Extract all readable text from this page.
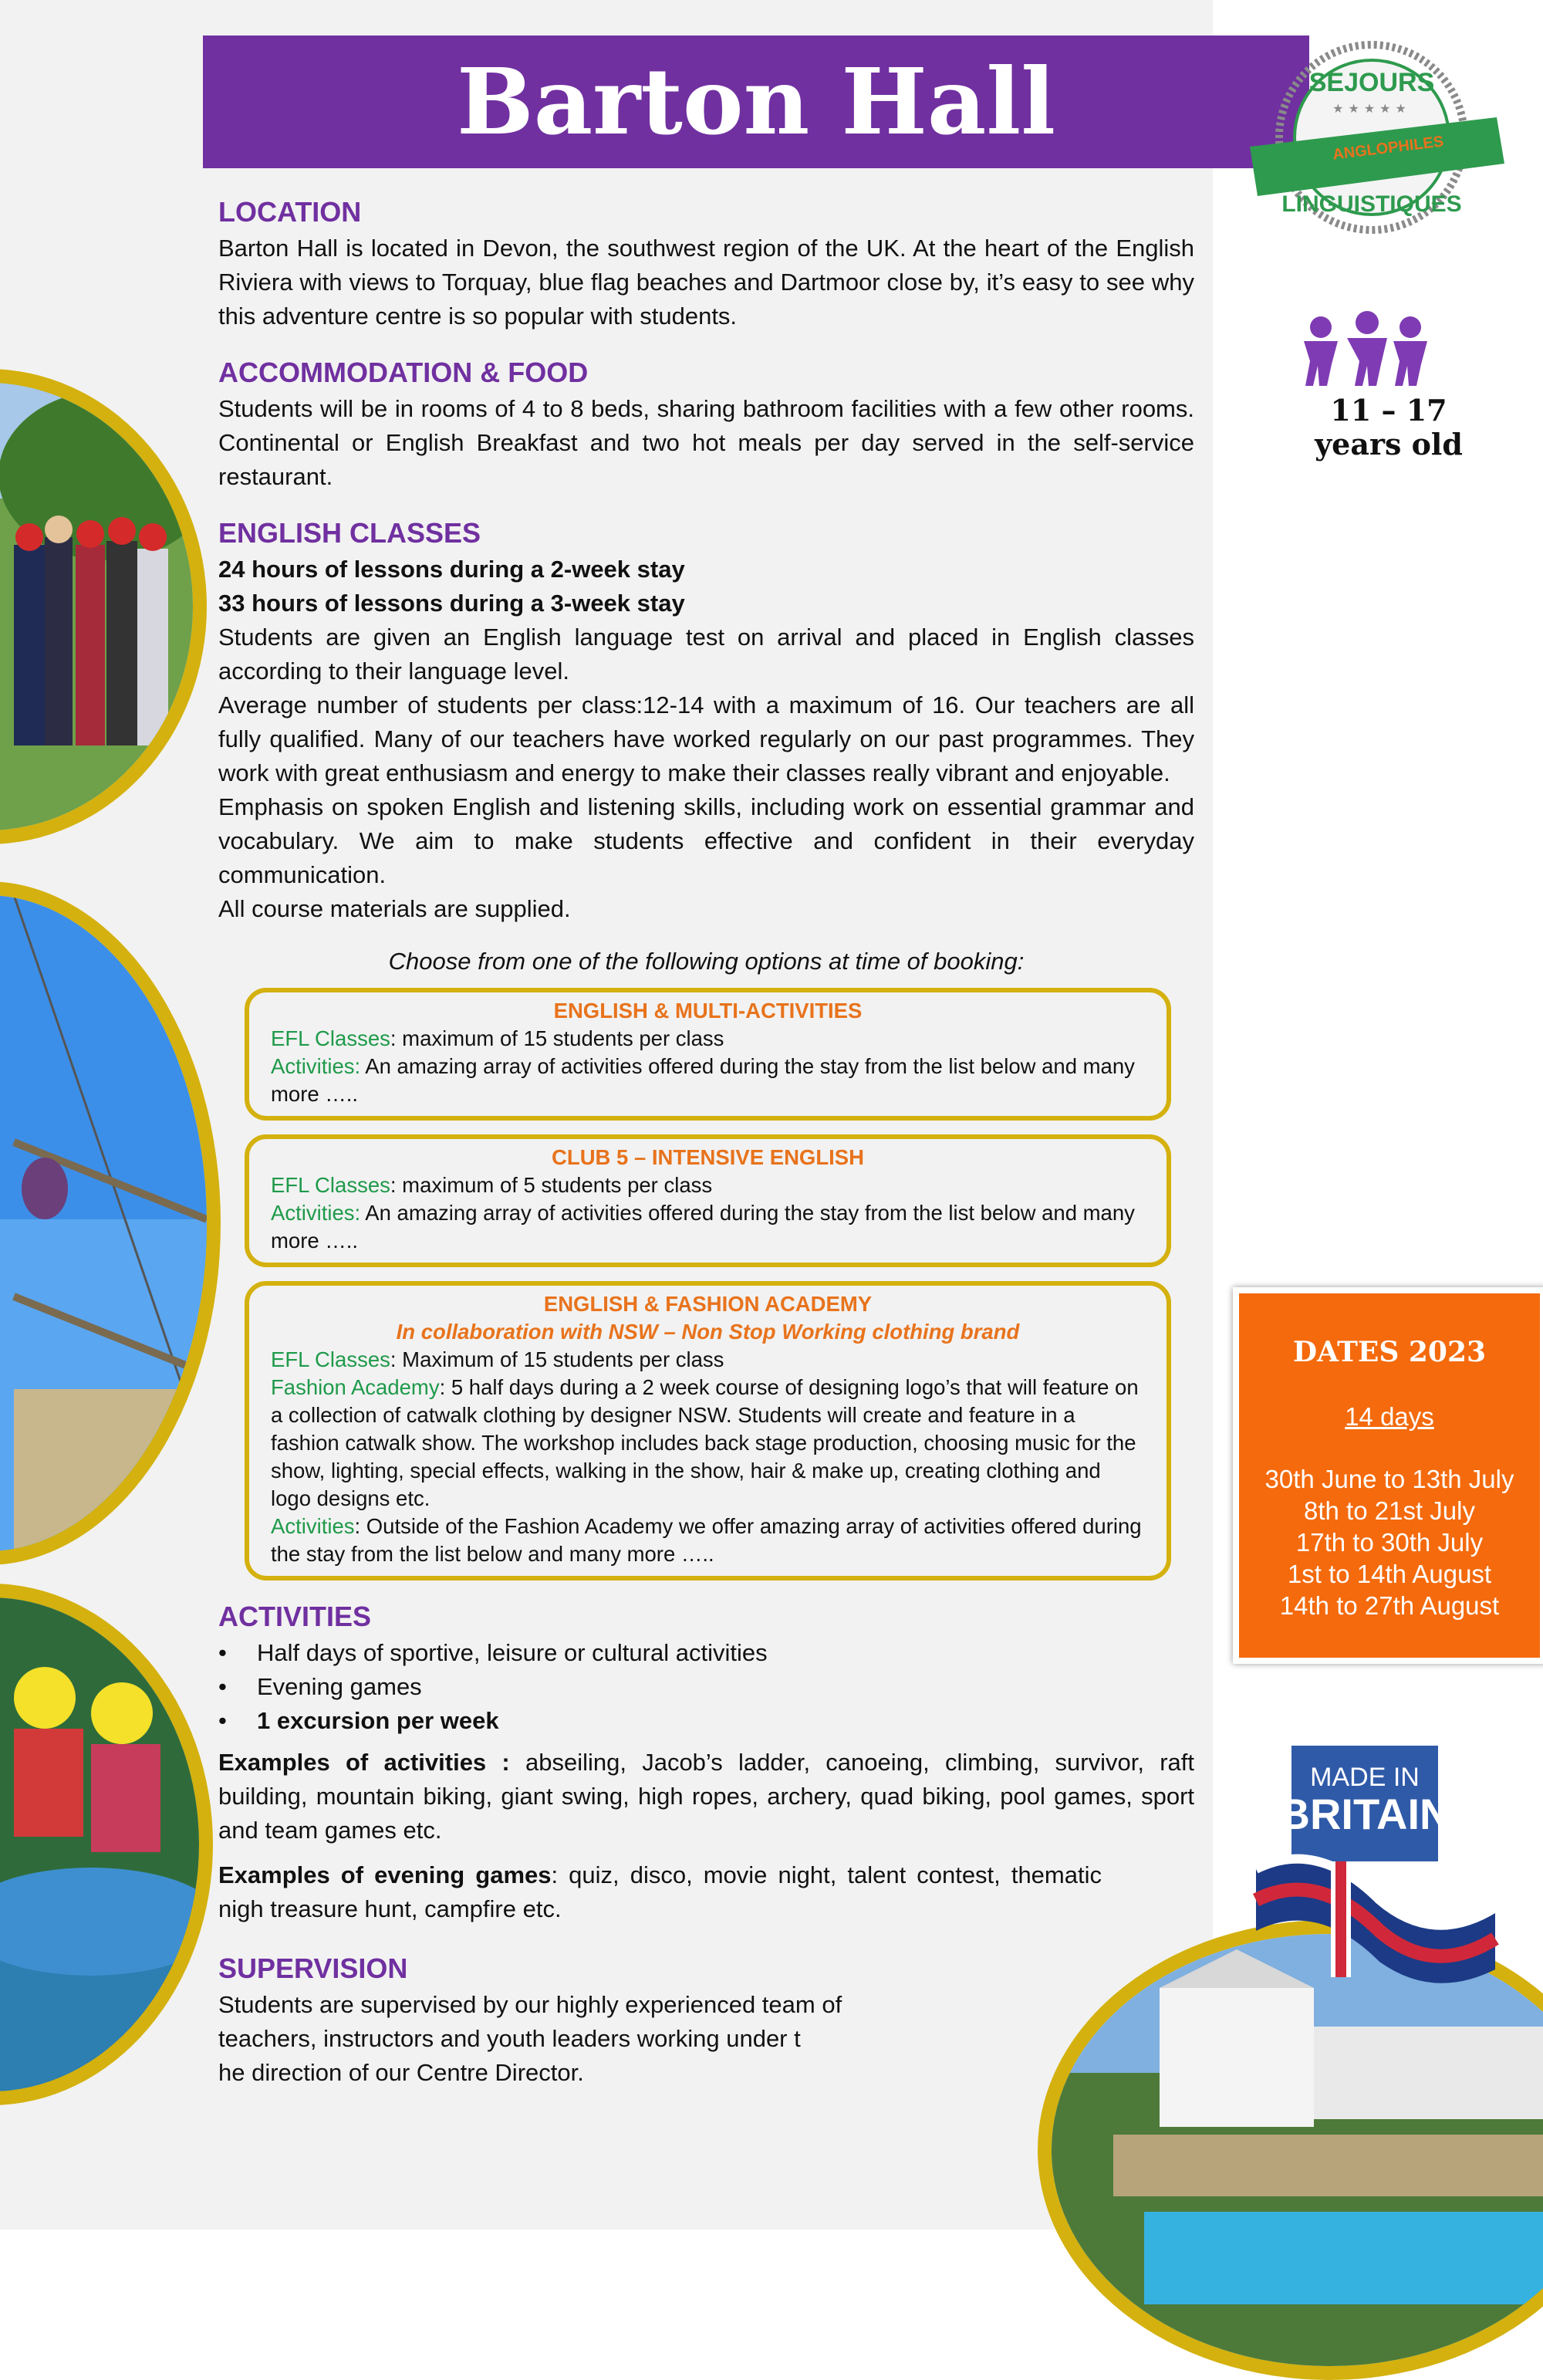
Barton Hall	SEJOURS
★★★★★
ANGLOPHILES
LINGUISTIQUES
11 – 17
years old
LOCATION

Barton Hall is located in Devon, the southwest region of the UK. At the heart of the English Riviera with views to Torquay, blue flag beaches and Dartmoor close by, it’s easy to see why this adventure centre is so popular with students.

ACCOMMODATION & FOOD

Students will be in rooms of 4 to 8 beds, sharing bathroom facilities with a few other rooms. Continental or English Breakfast and two hot meals per day served in the self-service restaurant.

ENGLISH CLASSES

24 hours of lessons during a 2-week stay

33 hours of lessons during a 3-week stay

Students are given an English language test on arrival and placed in English classes according to their language level.

Average number of students per class:12-14 with a maximum of 16. Our teachers are all fully qualified. Many of our teachers have worked regularly on our past programmes. They work with great enthusiasm and energy to make their classes really vibrant and enjoyable.

Emphasis on spoken English and listening skills, including work on essential grammar and vocabulary. We aim to make students effective and confident in their everyday communication.

All course materials are supplied.

Choose from one of the following options at time of booking:

ENGLISH & MULTI-ACTIVITIES
EFL Classes: maximum of 15 students per class
Activities: An amazing array of activities offered during the stay from the list below and many more …..
CLUB 5 – INTENSIVE ENGLISH
EFL Classes: maximum of 5 students per class
Activities: An amazing array of activities offered during the stay from the list below and many more …..
ENGLISH & FASHION ACADEMY
In collaboration with NSW – Non Stop Working clothing brand
EFL Classes: Maximum of 15 students per class
Fashion Academy: 5 half days during a 2 week course of designing logo’s that will feature on a collection of catwalk clothing by designer NSW. Students will create and feature in a fashion catwalk show. The workshop includes back stage production, choosing music for the show, lighting, special effects, walking in the show, hair & make up, creating clothing and logo designs etc.
Activities: Outside of the Fashion Academy we offer amazing array of activities offered during the stay from the list below and many more …..
ACTIVITIES
• Half days of sportive, leisure or cultural activities
• Evening games
• 1 excursion per week

Examples of activities : abseiling, Jacob’s ladder, canoeing, climbing, survivor, raft building, mountain biking, giant swing, high ropes, archery, quad biking, pool games, sport and team games etc.

Examples of evening games: quiz, disco, movie night, talent contest, thematic nigh treasure hunt, campfire etc.

SUPERVISION
Students are supervised by our highly experienced team of
teachers, instructors and youth leaders working under t
he direction of our Centre Director.
DATES 2023
14 days
30th June to 13th July
8th to 21st July
17th to 30th July
1st to 14th August
14th to 27th August
MADE IN
BRITAIN
